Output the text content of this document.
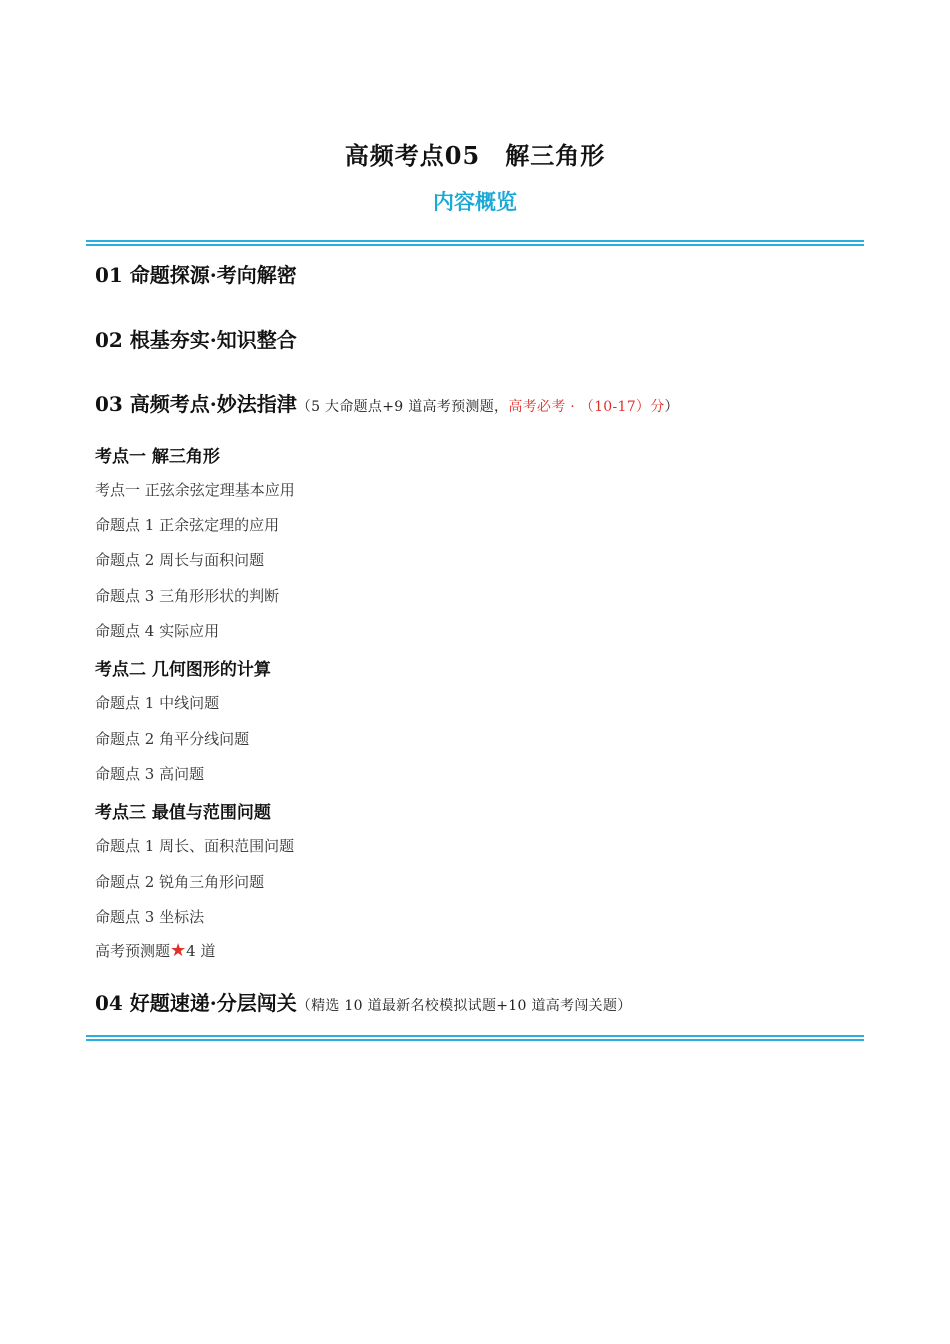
高频考点05　解三角形
内容概览
01 命题探源·考向解密
02 根基夯实·知识整合
03 高频考点·妙法指津（5 大命题点+9 道高考预测题，高考必考 · （10-17）分）
考点一 解三角形
考点一 正弦余弦定理基本应用
命题点 1 正余弦定理的应用
命题点 2 周长与面积问题
命题点 3 三角形形状的判断
命题点 4 实际应用
考点二 几何图形的计算
命题点 1 中线问题
命题点 2 角平分线问题
命题点 3 高问题
考点三 最值与范围问题
命题点 1 周长、面积范围问题
命题点 2 锐角三角形问题
命题点 3 坐标法
高考预测题★4 道
04 好题速递·分层闯关（精选 10 道最新名校模拟试题+10 道高考闯关题）
